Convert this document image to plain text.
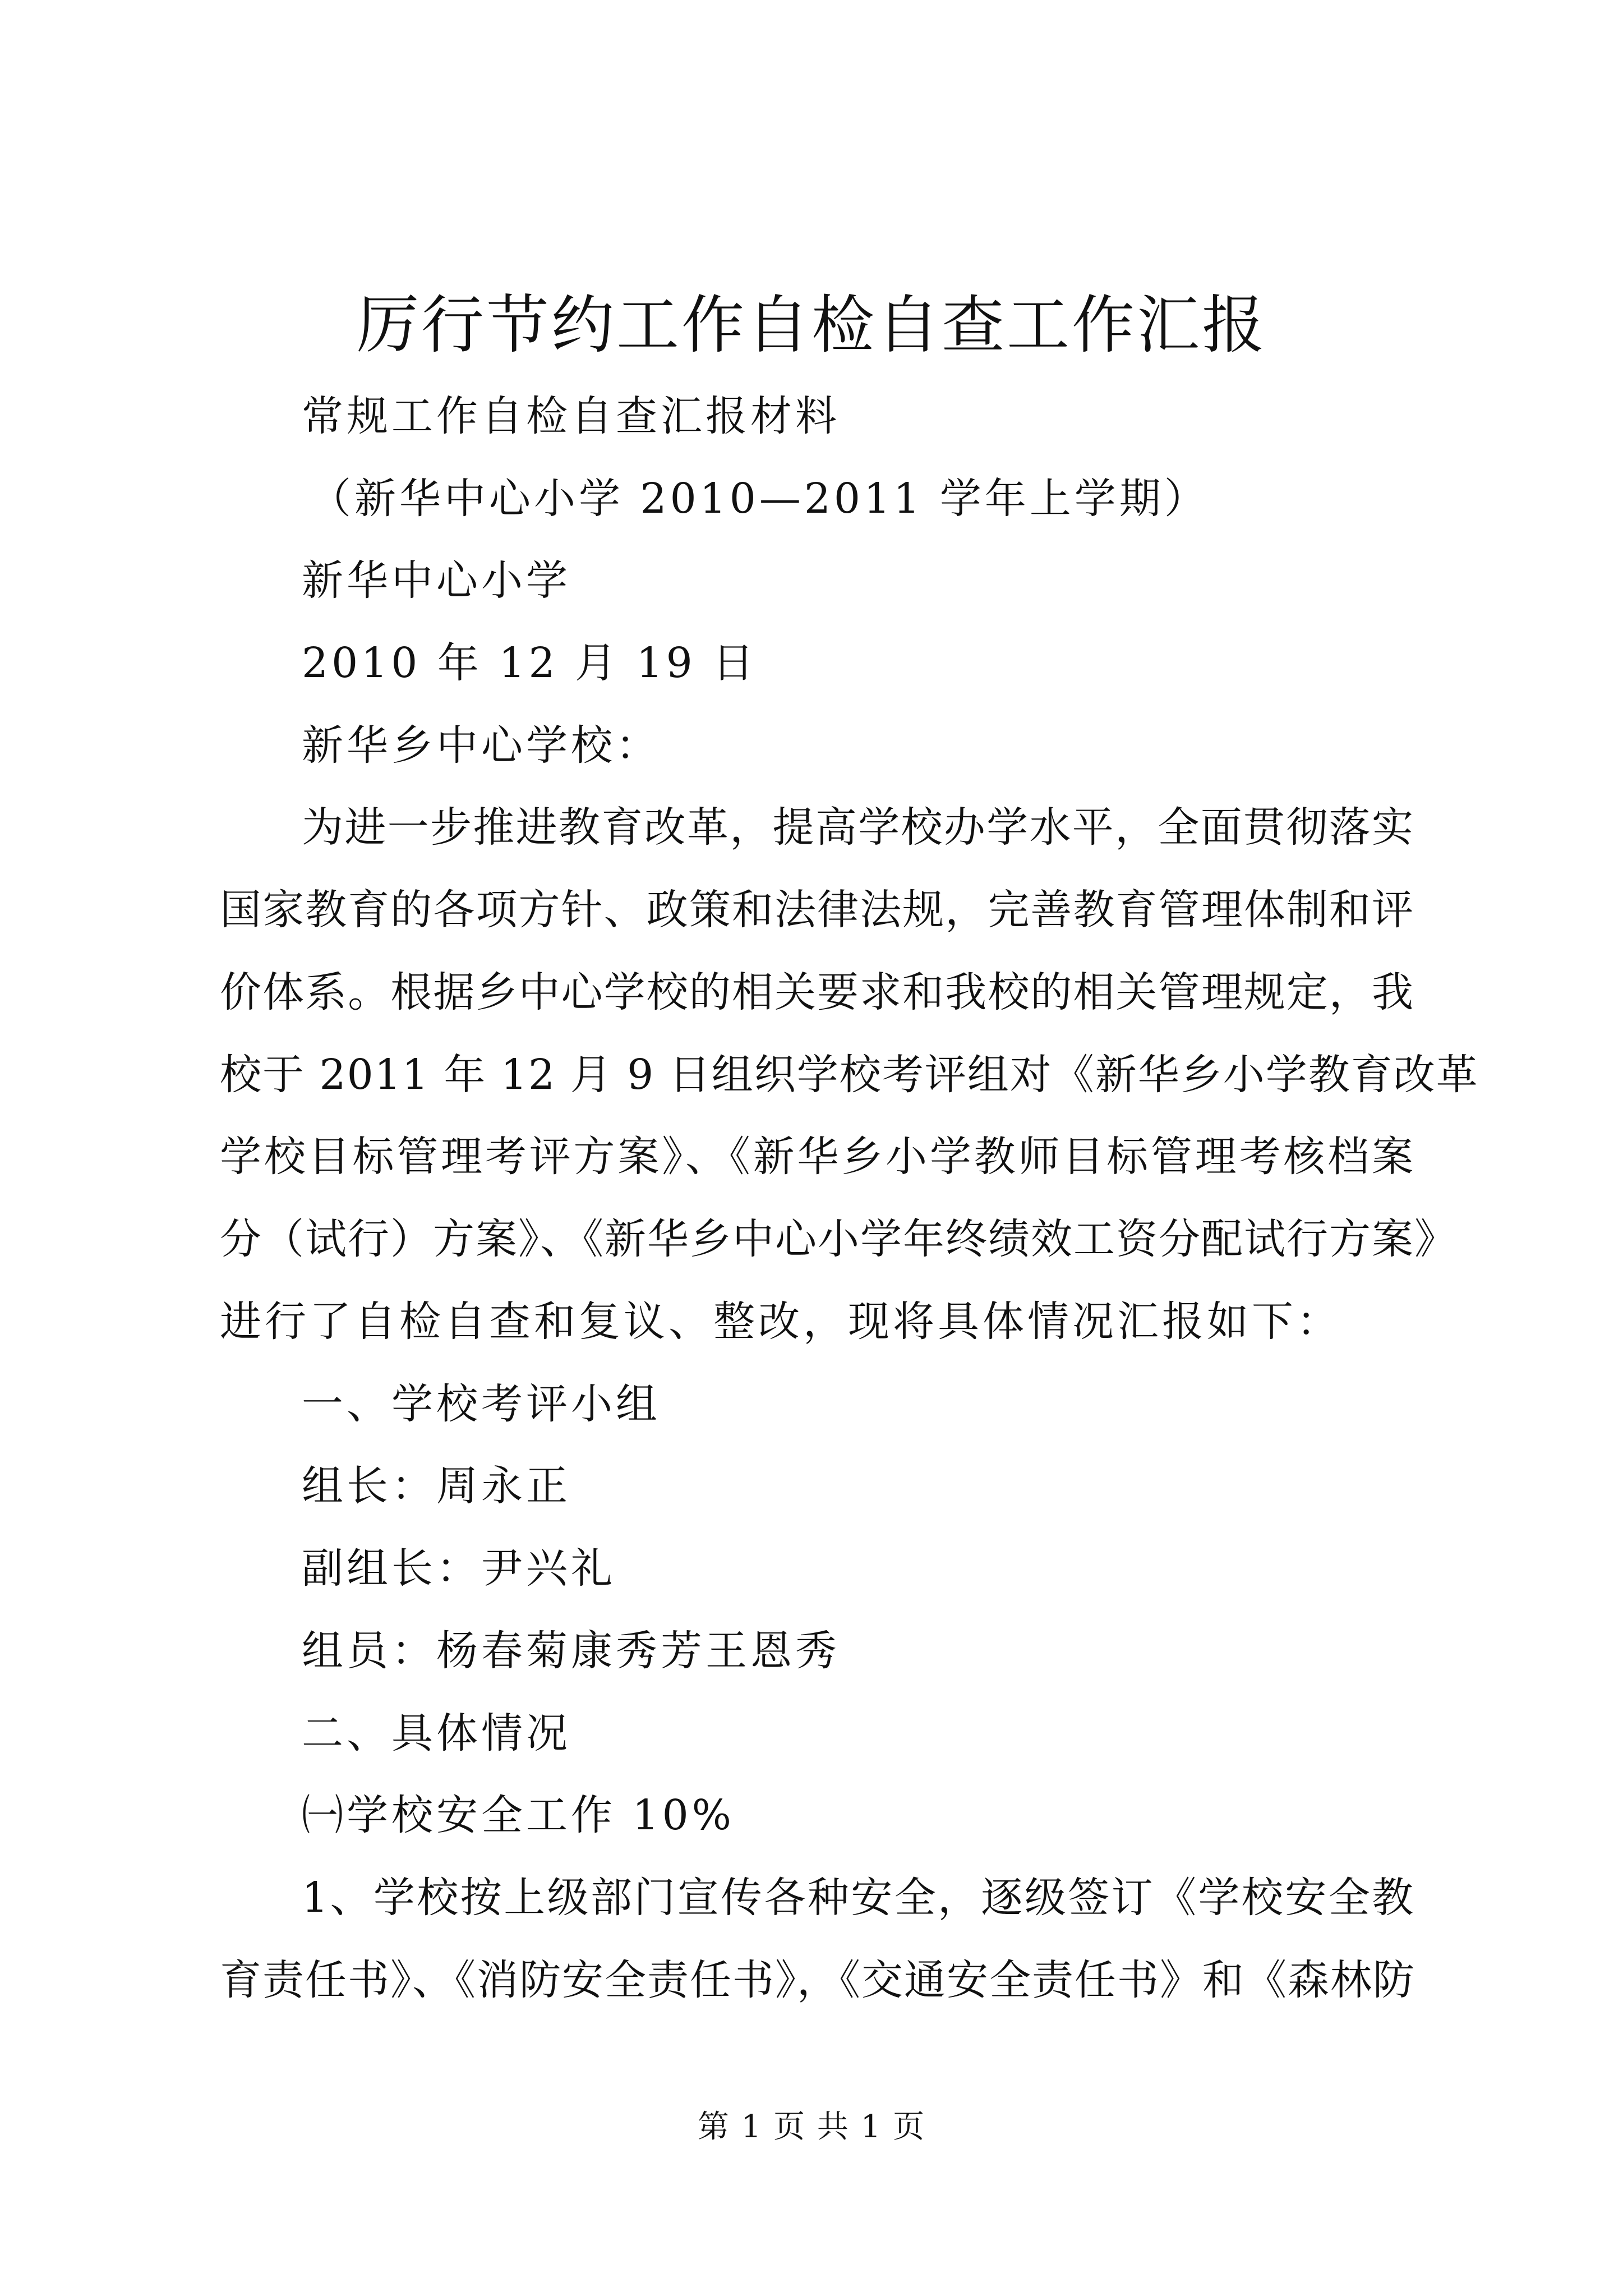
厉行节约工作自检自查工作汇报

常规工作自检自查汇报材料

（新华中心小学 2010—2011 学年上学期）

新华中心小学

2010 年 12 月 19 日

新华乡中心学校：

为进一步推进教育改革，提高学校办学水平，全面贯彻落实

国家教育的各项方针、政策和法律法规，完善教育管理体制和评

价体系。根据乡中心学校的相关要求和我校的相关管理规定，我

校于 2011 年 12 月 9 日组织学校考评组对《新华乡小学教育改革

学校目标管理考评方案》、《新华乡小学教师目标管理考核档案

分（试行）方案》、《新华乡中心小学年终绩效工资分配试行方案》

进行了自检自查和复议、整改，现将具体情况汇报如下：

一、学校考评小组

组长：周永正

副组长：尹兴礼

组员：杨春菊康秀芳王恩秀

二、具体情况

㈠学校安全工作 10%

1、学校按上级部门宣传各种安全，逐级签订《学校安全教

育责任书》、《消防安全责任书》，《交通安全责任书》和《森林防

第 1 页 共 1 页
